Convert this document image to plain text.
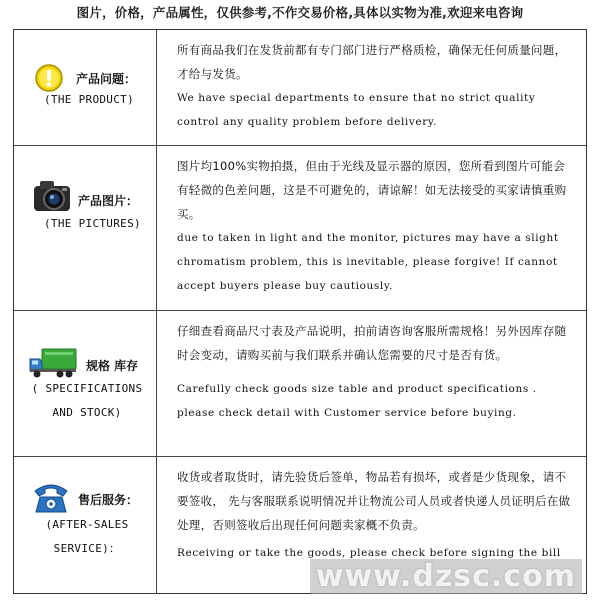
图片，价格，产品属性，仅供参考,不作交易价格,具体以实物为准,欢迎来电咨询
产品问题：
(THE PRODUCT)
所有商品我们在发货前都有专门部门进行严格质检，确保无任何质量问题，才给与发货。
We have special departments to ensure that no strict quality control any quality problem before delivery.
产品图片：
(THE PICTURES)
图片均100%实物拍摄，但由于光线及显示器的原因，您所看到图片可能会有轻微的色差问题，这是不可避免的，请谅解！如无法接受的买家请慎重购买。
due to taken in light and the monitor, pictures may have a slight chromatism problem, this is inevitable, please forgive! If cannot accept buyers please buy cautiously.
规格 库存
( SPECIFICATIONS AND STOCK)
仔细查看商品尺寸表及产品说明，拍前请咨询客服所需规格！另外因库存随时会变动，请购买前与我们联系并确认您需要的尺寸是否有货。
Carefully check goods size table and product specifications . please check detail with Customer service before buying.
售后服务：
(AFTER-SALES SERVICE)：
收货或者取货时，请先验货后签单，物品若有损坏，或者是少货现象，请不要签收， 先与客服联系说明情况并让物流公司人员或者快递人员证明后在做处理，否则签收后出现任何问题卖家概不负责。
Receiving or take the goods, please check before signing the bill
www.dzsc.com
